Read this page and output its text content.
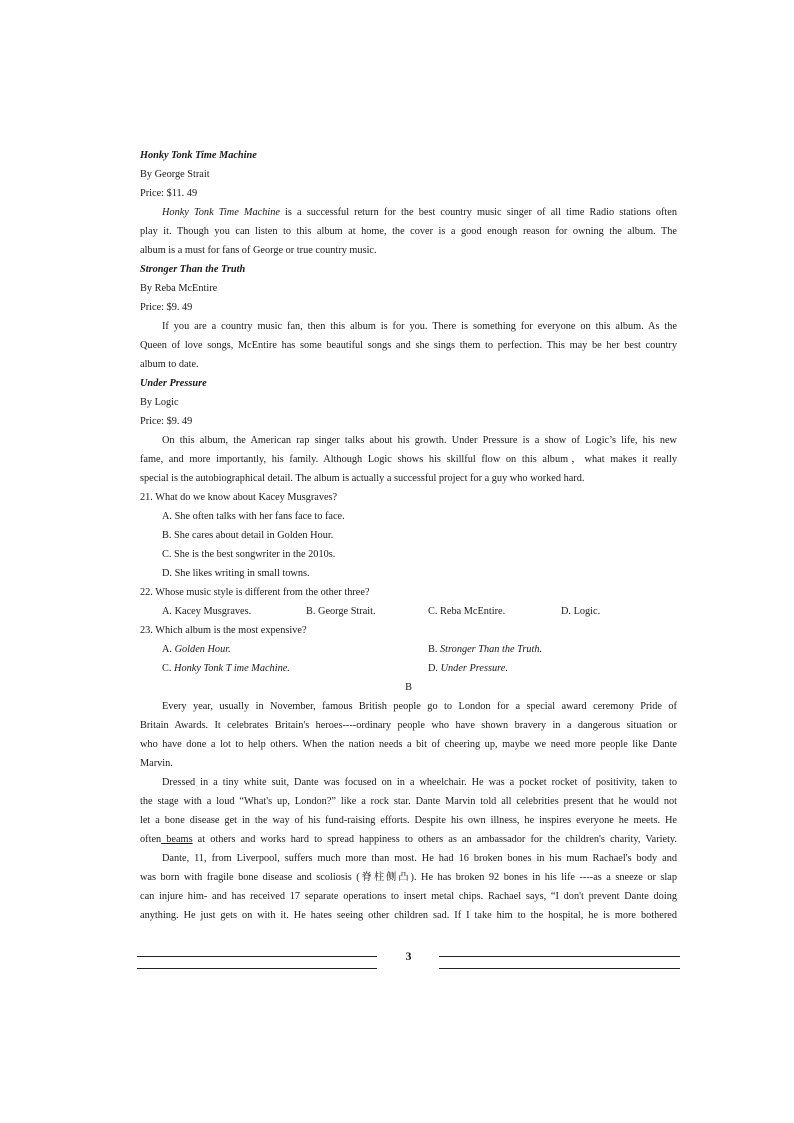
Honky Tonk Time Machine
By George Strait
Price: $11. 49
Honky Tonk Time Machine is a successful return for the best country music singer of all time Radio stations often
play it. Though you can listen to this album at home, the cover is a good enough reason for owning the album. The
album is a must for fans of George or true country music.
Stronger Than the Truth
By Reba McEntire
Price: $9. 49
If you are a country music fan, then this album is for you. There is something for everyone on this album. As the
Queen of love songs, McEntire has some beautiful songs and she sings them to perfection. This may be her best country
album to date.
Under Pressure
By Logic
Price: $9. 49
On this album, the American rap singer talks about his growth. Under Pressure is a show of Logic’s life, his new
fame, and more importantly, his family. Although Logic shows his skillful flow on this album，what makes it really
special is the autobiographical detail. The album is actually a successful project for a guy who worked hard.
21. What do we know about Kacey Musgraves?
A. She often talks with her fans face to face.
B. She cares about detail in Golden Hour.
C. She is the best songwriter in the 2010s.
D. She likes writing in small towns.
22. Whose music style is different from the other three?
A. Kacey Musgraves.	B. George Strait.	C. Reba McEntire.	D. Logic.
23. Which album is the most expensive?
A. Golden Hour.	B. Stronger Than the Truth.
C. Honky Tonk T ime Machine.	D. Under Pressure.
B
Every year, usually in November, famous British people go to London for a special award ceremony Pride of
Britain Awards. It celebrates Britain's heroes----ordinary people who have shown bravery in a dangerous situation or
who have done a lot to help others. When the nation needs a bit of cheering up, maybe we need more people like Dante
Marvin.
Dressed in a tiny white suit, Dante was focused on in a wheelchair. He was a pocket rocket of positivity, taken to
the stage with a loud “What's up, London?” like a rock star. Dante Marvin told all celebrities present that he would not
let a bone disease get in the way of his fund-raising efforts. Despite his own illness, he inspires everyone he meets. He
often beams at others and works hard to spread happiness to others as an ambassador for the children's charity, Variety.
Dante, 11, from Liverpool, suffers much more than most. He had 16 broken bones in his mum Rachael's body and
was born with fragile bone disease and scoliosis (脊柱侧凸). He has broken 92 bones in his life ----as a sneeze or slap
can injure him- and has received 17 separate operations to insert metal chips. Rachael says, “I don't prevent Dante doing
anything. He just gets on with it. He hates seeing other children sad. If I take him to the hospital, he is more bothered
3
